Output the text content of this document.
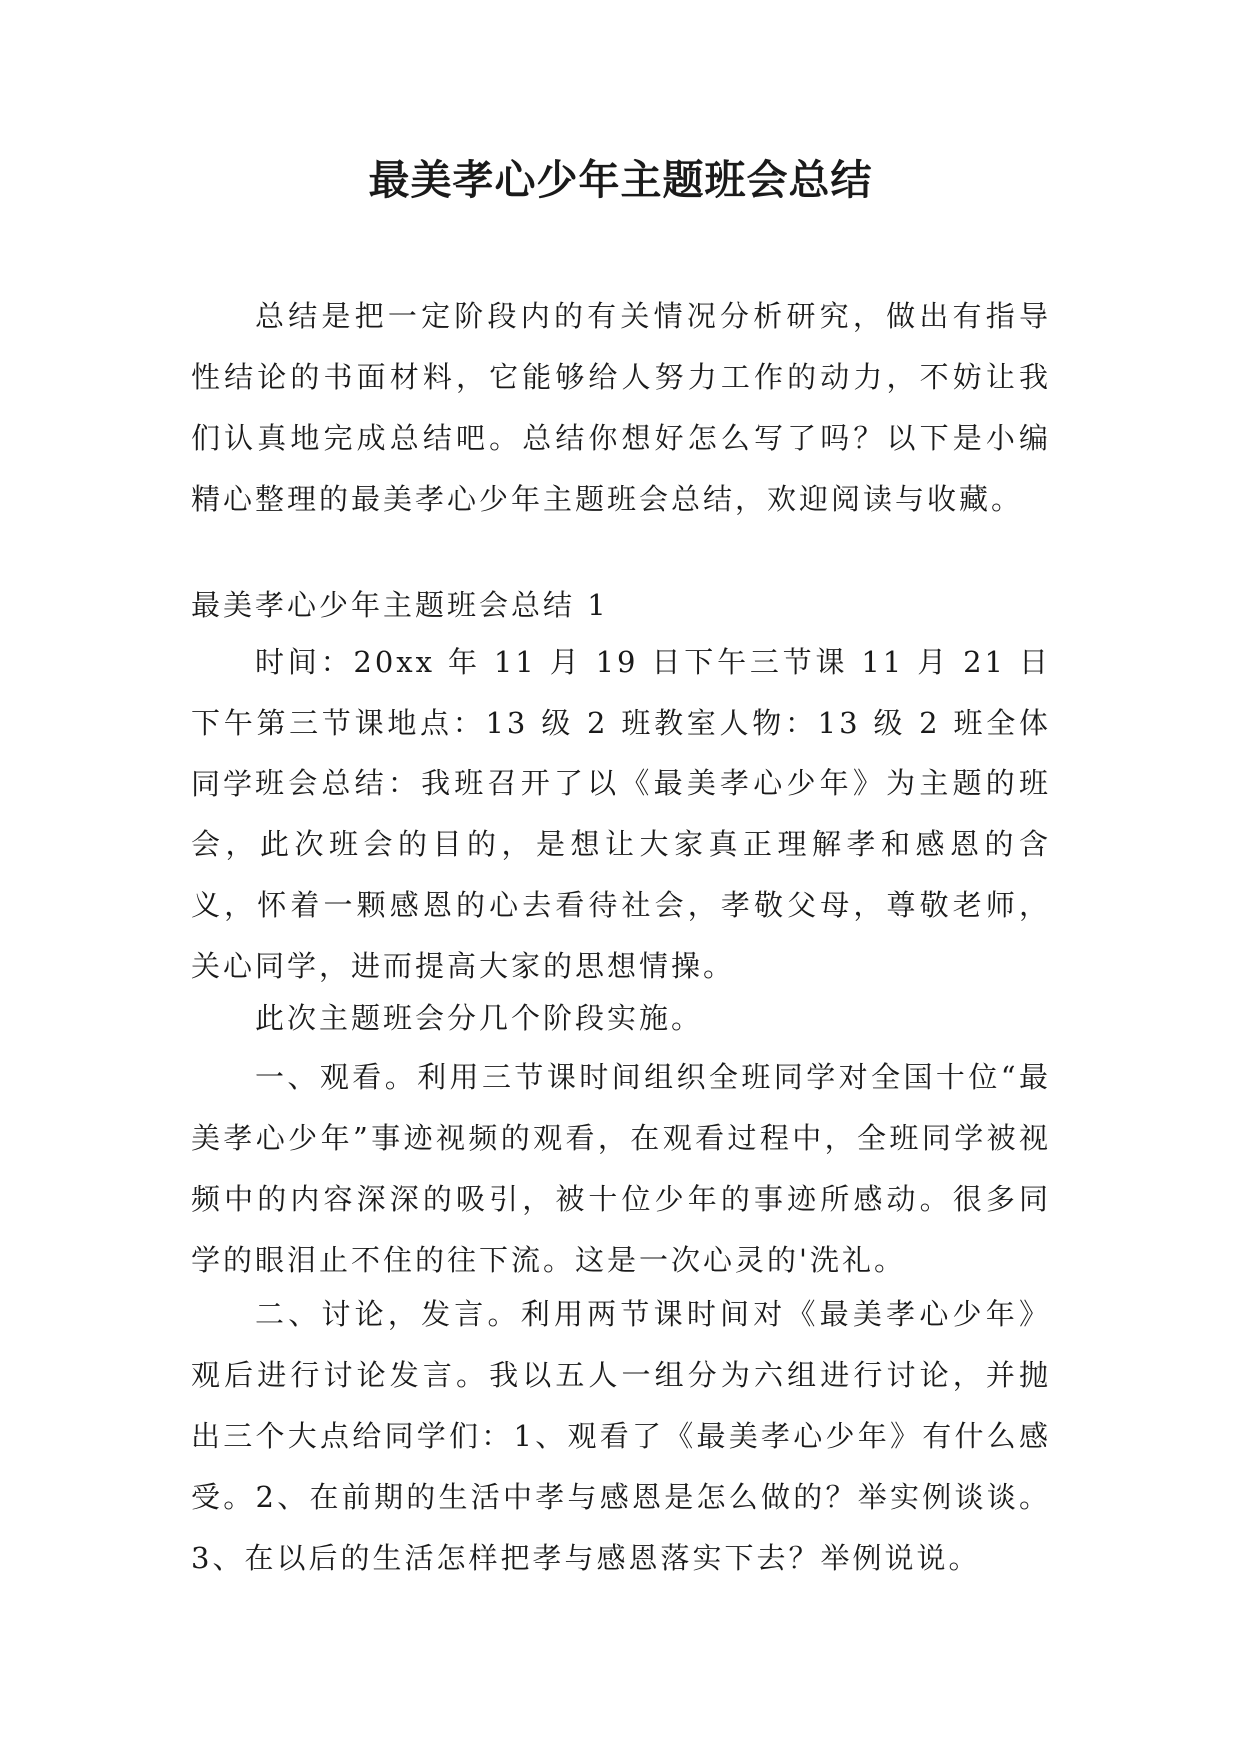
最美孝心少年主题班会总结

总结是把一定阶段内的有关情况分析研究，做出有指导性结论的书面材料，它能够给人努力工作的动力，不妨让我们认真地完成总结吧。总结你想好怎么写了吗？以下是小编精心整理的最美孝心少年主题班会总结，欢迎阅读与收藏。

最美孝心少年主题班会总结 1

时间：20xx 年 11 月 19 日下午三节课 11 月 21 日下午第三节课地点：13 级 2 班教室人物：13 级 2 班全体同学 班会总结：我班召开了以《最美孝心少年》为主题的班会，此次班会的目的，是想让大家真正理解孝和感恩的含义，怀着一颗感恩的心去看待社会，孝敬父母，尊敬老师，关心同学，进而提高大家的思想情操。

此次主题班会分几个阶段实施。

一、观看。利用三节课时间组织全班同学对全国十位“最美孝心少年”事迹视频的观看，在观看过程中，全班同学被视频中的内容深深的吸引，被十位少年的事迹所感动。很多同学的眼泪止不住的往下流。这是一次心灵的'洗礼。

二、讨论，发言。利用两节课时间对《最美孝心少年》观后进行讨论发言。我以五人一组分为六组进行讨论，并抛出三个大点给同学们：1、观看了《最美孝心少年》有什么感受。2、在前期的生活中孝与感恩是怎么做的？举实例谈谈。3、在以后的生活怎样把孝与感恩落实下去？举例说说。
